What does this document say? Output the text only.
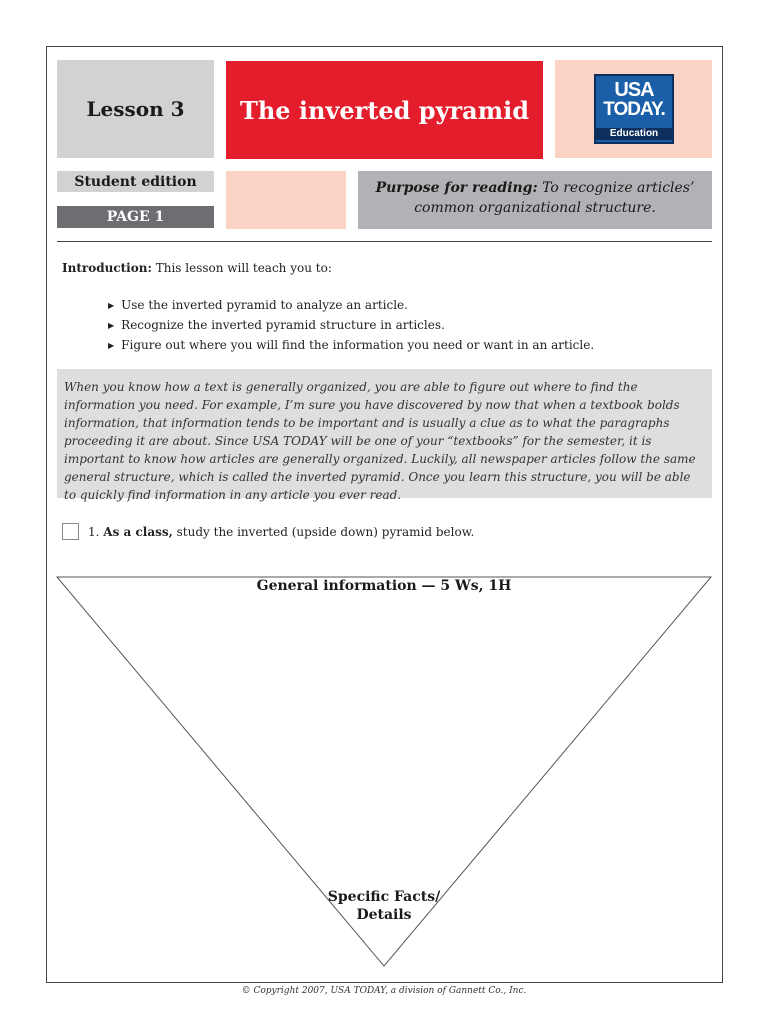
Lesson 3	The inverted pyramid
USA
TODAY.
Education
Student edition
PAGE 1
Purpose for reading: To recognize articles’ common organizational structure.
Introduction: This lesson will teach you to:
▶ Use the inverted pyramid to analyze an article.
▶ Recognize the inverted pyramid structure in articles.
▶ Figure out where you will find the information you need or want in an article.
When you know how a text is generally organized, you are able to figure out where to find the information you need. For example, I’m sure you have discovered by now that when a textbook bolds information, that information tends to be important and is usually a clue as to what the paragraphs proceeding it are about. Since USA TODAY will be one of your “textbooks” for the semester, it is important to know how articles are generally organized. Luckily, all newspaper articles follow the same general structure, which is called the inverted pyramid. Once you learn this structure, you will be able to quickly find information in any article you ever read.
1. As a class, study the inverted (upside down) pyramid below.
General information — 5 Ws, 1H
Specific Facts/
Details
© Copyright 2007, USA TODAY, a division of Gannett Co., Inc.
